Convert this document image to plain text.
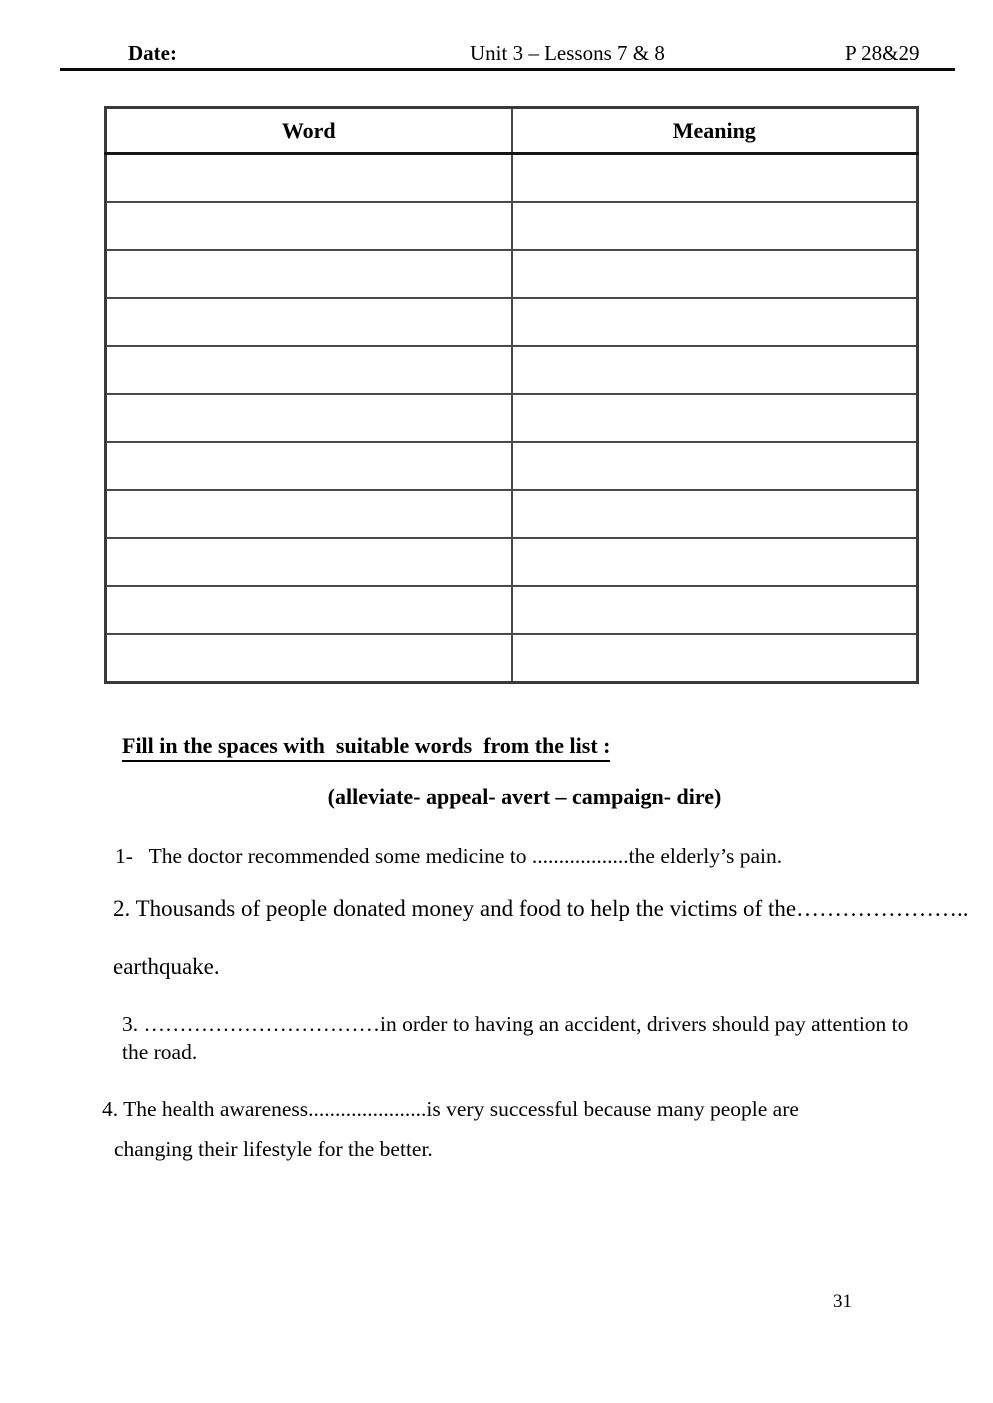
Date:	Unit 3 – Lessons 7 & 8	P 28&29
Word	Meaning

Fill in the spaces with  suitable words  from the list :
(alleviate- appeal- avert – campaign- dire)
1-   The doctor recommended some medicine to ..................the elderly’s pain.
2. Thousands of people donated money and food to help the victims of the…………………..
earthquake.
3. ……………………………in order to having an accident, drivers should pay attention to
the road.
4. The health awareness......................is very successful because many people are
changing their lifestyle for the better.
31
